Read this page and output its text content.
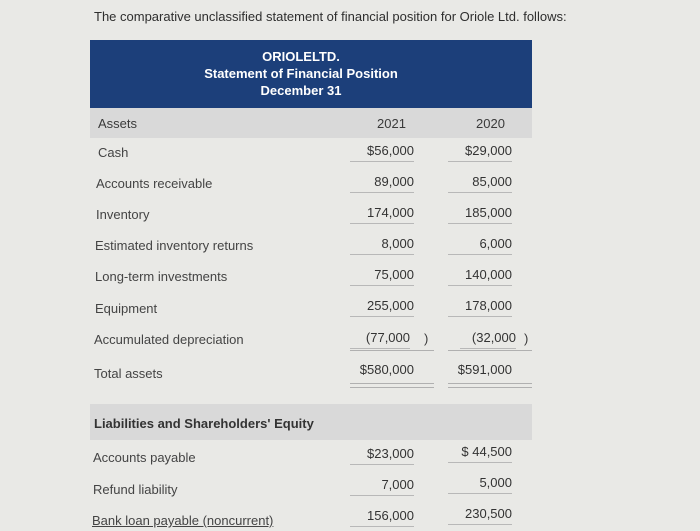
The comparative unclassified statement of financial position for Oriole Ltd. follows:
ORIOLELTD.
Statement of Financial Position
December 31
Assets	2021	2020
Cash	$56,000	$29,000
Accounts receivable	89,000	85,000
Inventory	174,000	185,000
Estimated inventory returns	8,000	6,000
Long-term investments	75,000	140,000
Equipment	255,000	178,000
Accumulated depreciation	(77,000 )	(32,000 )
Total assets	$580,000	$591,000
Liabilities and Shareholders' Equity
Accounts payable	$23,000	$ 44,500
Refund liability	7,000	5,000
Bank loan payable (noncurrent)	156,000	230,500
